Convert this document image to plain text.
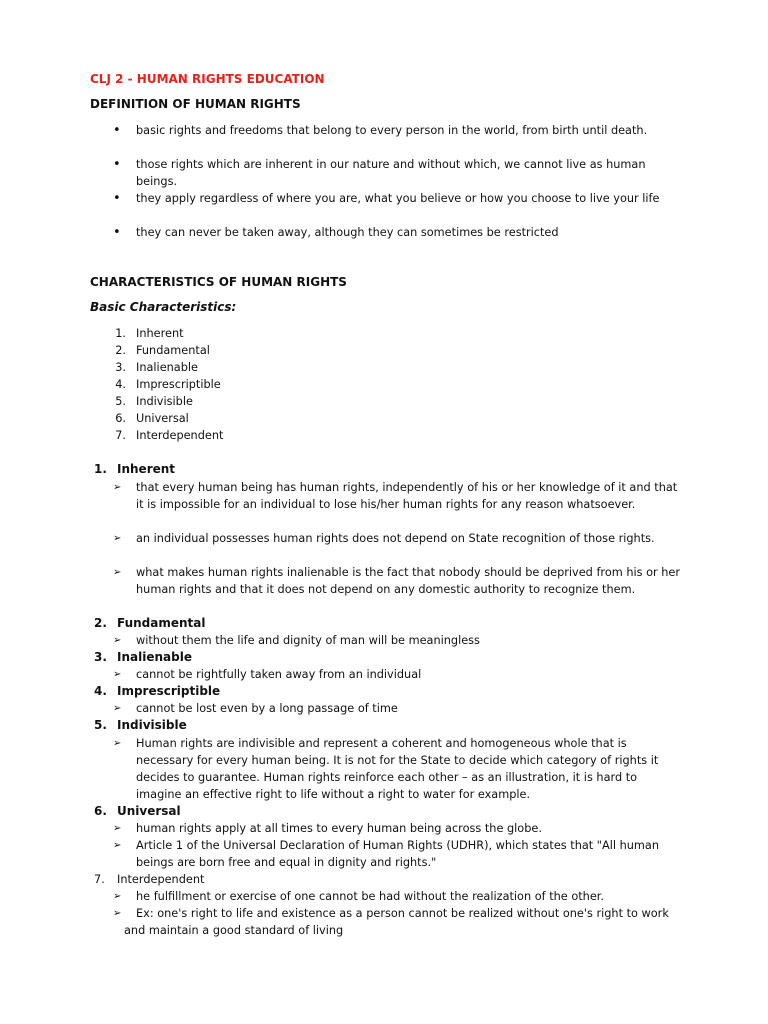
CLJ 2 - HUMAN RIGHTS EDUCATION
DEFINITION OF HUMAN RIGHTS
• basic rights and freedoms that belong to every person in the world, from birth until death.
• those rights which are inherent in our nature and without which, we cannot live as human beings.
• they apply regardless of where you are, what you believe or how you choose to live your life
• they can never be taken away, although they can sometimes be restricted
CHARACTERISTICS OF HUMAN RIGHTS
Basic Characteristics:
1. Inherent
2. Fundamental
3. Inalienable
4. Imprescriptible
5. Indivisible
6. Universal
7. Interdependent
1. Inherent
➢ that every human being has human rights, independently of his or her knowledge of it and that it is impossible for an individual to lose his/her human rights for any reason whatsoever.
➢ an individual possesses human rights does not depend on State recognition of those rights.
➢ what makes human rights inalienable is the fact that nobody should be deprived from his or her human rights and that it does not depend on any domestic authority to recognize them.
2. Fundamental
➢ without them the life and dignity of man will be meaningless
3. Inalienable
➢ cannot be rightfully taken away from an individual
4. Imprescriptible
➢ cannot be lost even by a long passage of time
5. Indivisible
➢ Human rights are indivisible and represent a coherent and homogeneous whole that is necessary for every human being. It is not for the State to decide which category of rights it decides to guarantee. Human rights reinforce each other – as an illustration, it is hard to imagine an effective right to life without a right to water for example.
6. Universal
➢ human rights apply at all times to every human being across the globe.
➢ Article 1 of the Universal Declaration of Human Rights (UDHR), which states that "All human beings are born free and equal in dignity and rights."
7. Interdependent
➢ he fulfillment or exercise of one cannot be had without the realization of the other.
➢	Ex: one's right to life and existence as a person cannot be realized without one's right to work and maintain a good standard of living
